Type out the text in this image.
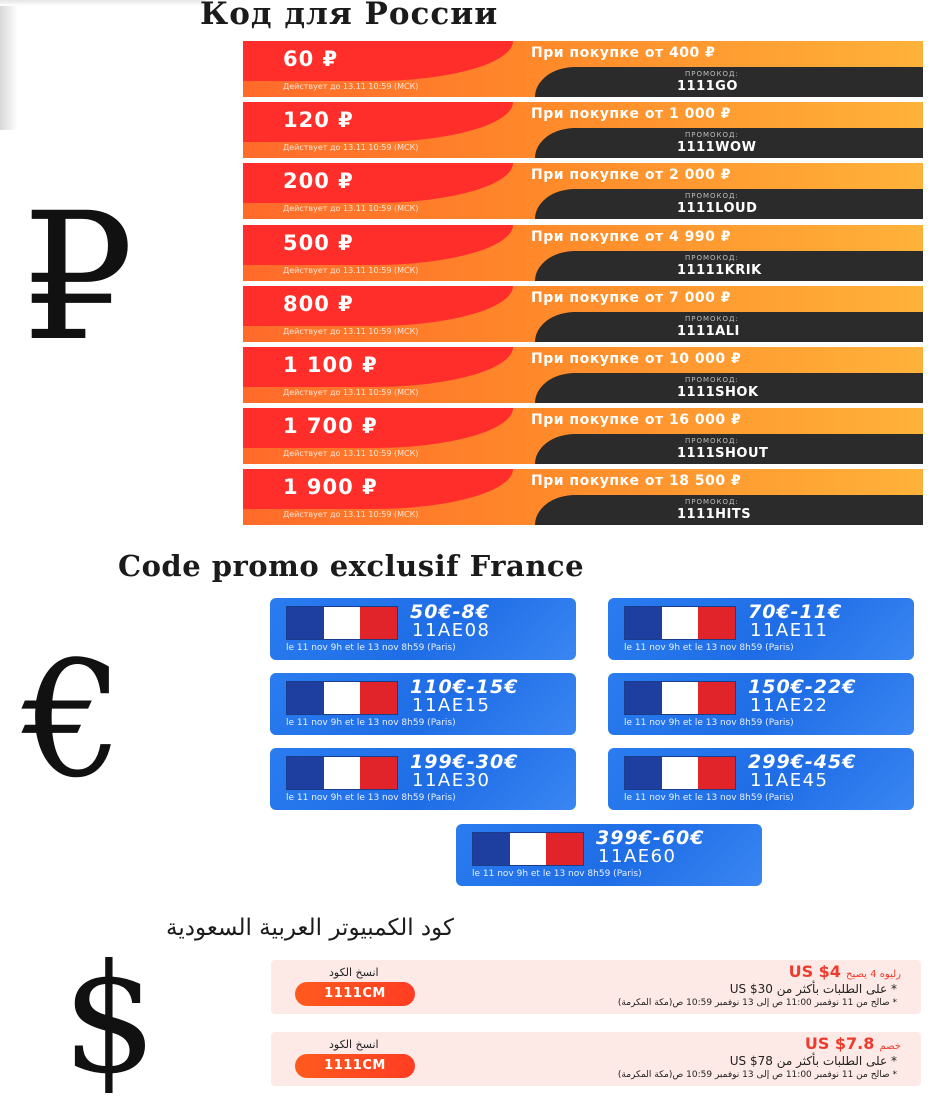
Код для России
₽
60 ₽
Действует до 13.11 10:59 (МСК)
При покупке от 400 ₽
ПРОМОКОД:
1111GO
120 ₽
Действует до 13.11 10:59 (МСК)
При покупке от 1 000 ₽
ПРОМОКОД:
1111WOW
200 ₽
Действует до 13.11 10:59 (МСК)
При покупке от 2 000 ₽
ПРОМОКОД:
1111LOUD
500 ₽
Действует до 13.11 10:59 (МСК)
При покупке от 4 990 ₽
ПРОМОКОД:
11111KRIK
800 ₽
Действует до 13.11 10:59 (МСК)
При покупке от 7 000 ₽
ПРОМОКОД:
1111ALI
1 100 ₽
Действует до 13.11 10:59 (МСК)
При покупке от 10 000 ₽
ПРОМОКОД:
1111SHOK
1 700 ₽
Действует до 13.11 10:59 (МСК)
При покупке от 16 000 ₽
ПРОМОКОД:
1111SHOUT
1 900 ₽
Действует до 13.11 10:59 (МСК)
При покупке от 18 500 ₽
ПРОМОКОД:
1111HITS
Code promo exclusif France
€
50€-8€
11AE08
le 11 nov 9h et le 13 nov 8h59 (Paris)
70€-11€
11AE11
le 11 nov 9h et le 13 nov 8h59 (Paris)
110€-15€
11AE15
le 11 nov 9h et le 13 nov 8h59 (Paris)
150€-22€
11AE22
le 11 nov 9h et le 13 nov 8h59 (Paris)
199€-30€
11AE30
le 11 nov 9h et le 13 nov 8h59 (Paris)
299€-45€
11AE45
le 11 nov 9h et le 13 nov 8h59 (Paris)
399€-60€
11AE60
le 11 nov 9h et le 13 nov 8h59 (Paris)
كود الكمبيوتر العربية السعودية
$	انسخ الكود
1111CM
رليوه 4 يصيح US $4
* على الطلبات بأكثر من US $30
* صالح من 11 نوفمبر 11:00 ص إلى 13 نوفمبر 10:59 ص(مكة المكرمة)
انسخ الكود
1111CM
خصم US $7.8
* على الطلبات بأكثر من US $78
* صالح من 11 نوفمبر 11:00 ص إلى 13 نوفمبر 10:59 ص(مكة المكرمة)
